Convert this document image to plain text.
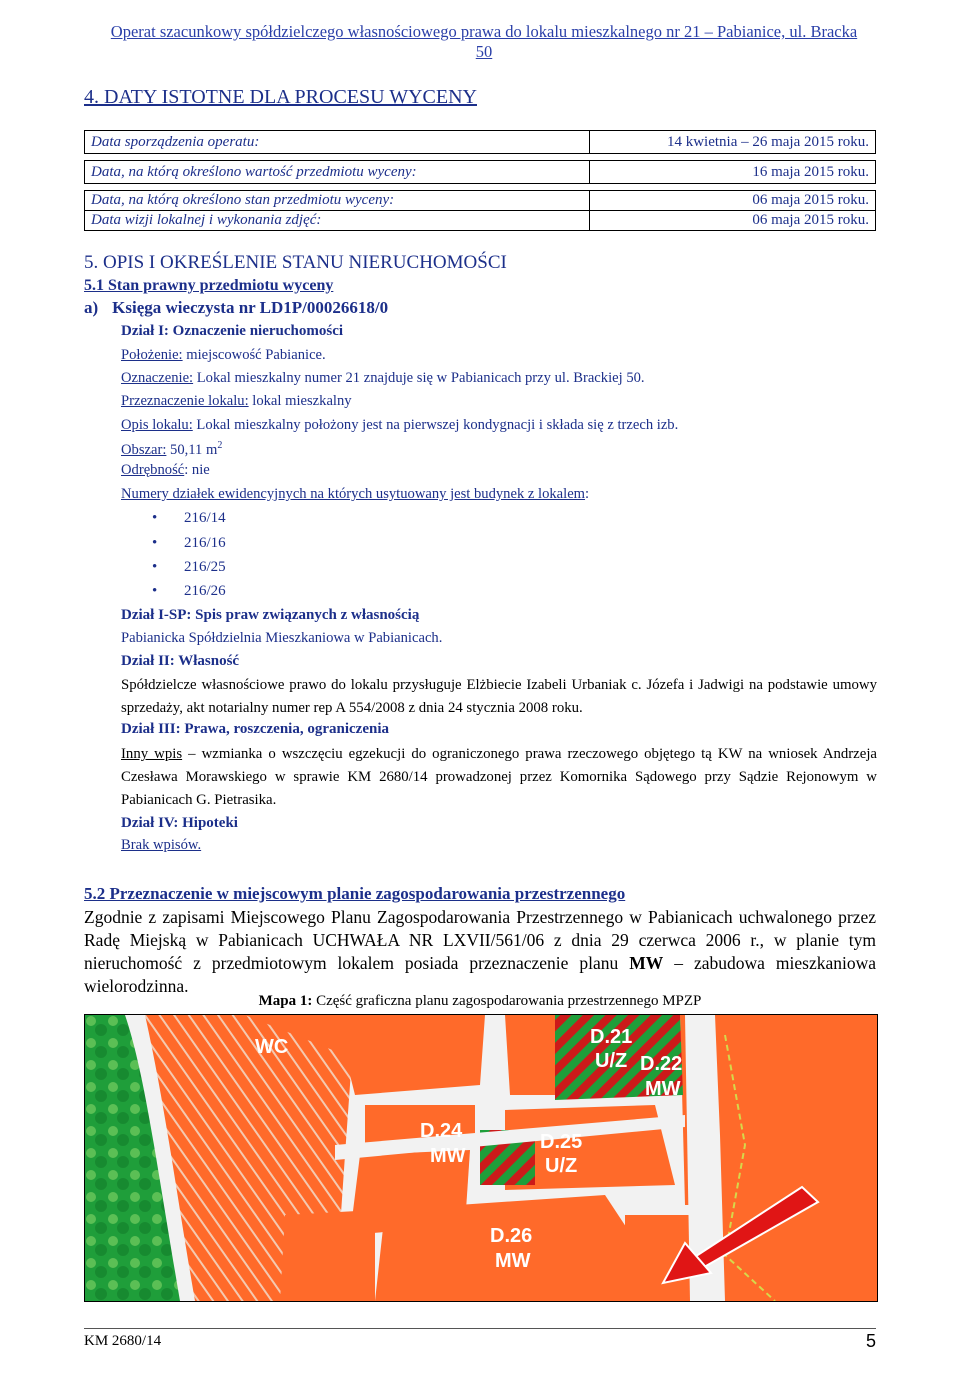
Operat szacunkowy spółdzielczego własnościowego prawa do lokalu mieszkalnego nr 21 – Pabianice, ul. Bracka
50
4. DATY ISTOTNE DLA PROCESU WYCENY
Data sporządzenia operatu:	14 kwietnia – 26 maja 2015 roku.

Data, na którą określono wartość przedmiotu wyceny:	16 maja 2015 roku.

Data, na którą określono stan przedmiotu wyceny:	06 maja 2015 roku.
Data wizji lokalnej i wykonania zdjęć:	06 maja 2015 roku.
5. OPIS I OKREŚLENIE STANU NIERUCHOMOŚCI
5.1 Stan prawny przedmiotu wyceny
a) Księga wieczysta nr LD1P/00026618/0
Dział I: Oznaczenie nieruchomości
Położenie: miejscowość Pabianice.
Oznaczenie: Lokal mieszkalny numer 21 znajduje się w Pabianicach przy ul. Brackiej 50.
Przeznaczenie lokalu: lokal mieszkalny
Opis lokalu: Lokal mieszkalny położony jest na pierwszej kondygnacji i składa się z trzech izb.
Obszar: 50,11 $m^2$
Odrębność: nie
Numery działek ewidencyjnych na których usytuowany jest budynek z lokalem:
• 216/14
• 216/16
• 216/25
• 216/26
Dział I-SP: Spis praw związanych z własnością
Pabianicka Spółdzielnia Mieszkaniowa w Pabianicach.
Dział II: Własność
Spółdzielcze własnościowe prawo do lokalu przysługuje Elżbiecie Izabeli Urbaniak c. Józefa i Jadwigi na podstawie umowy sprzedaży, akt notarialny numer rep A 554/2008 z dnia 24 stycznia 2008 roku.
Dział III: Prawa, roszczenia, ograniczenia
Inny wpis – wzmianka o wszczęciu egzekucji do ograniczonego prawa rzeczowego objętego tą KW na wniosek Andrzeja Czesława Morawskiego w sprawie KM 2680/14 prowadzonej przez Komornika Sądowego przy Sądzie Rejonowym w Pabianicach G. Pietrasika.
Dział IV: Hipoteki
Brak wpisów.
5.2 Przeznaczenie w miejscowym planie zagospodarowania przestrzennego
Zgodnie z zapisami Miejscowego Planu Zagospodarowania Przestrzennego w Pabianicach uchwalonego przez Radę Miejską w Pabianicach UCHWAŁA NR LXVII/561/06 z dnia 29 czerwca 2006 r., w planie tym nieruchomość z przedmiotowym lokalem posiada przeznaczenie planu MW – zabudowa mieszkaniowa wielorodzinna.
Mapa 1: Część graficzna planu zagospodarowania przestrzennego MPZP
WC	D.21
U/Z D.22
MW
D.24
MW
D.25
U/Z
D.26
MW
KM 2680/14	5
